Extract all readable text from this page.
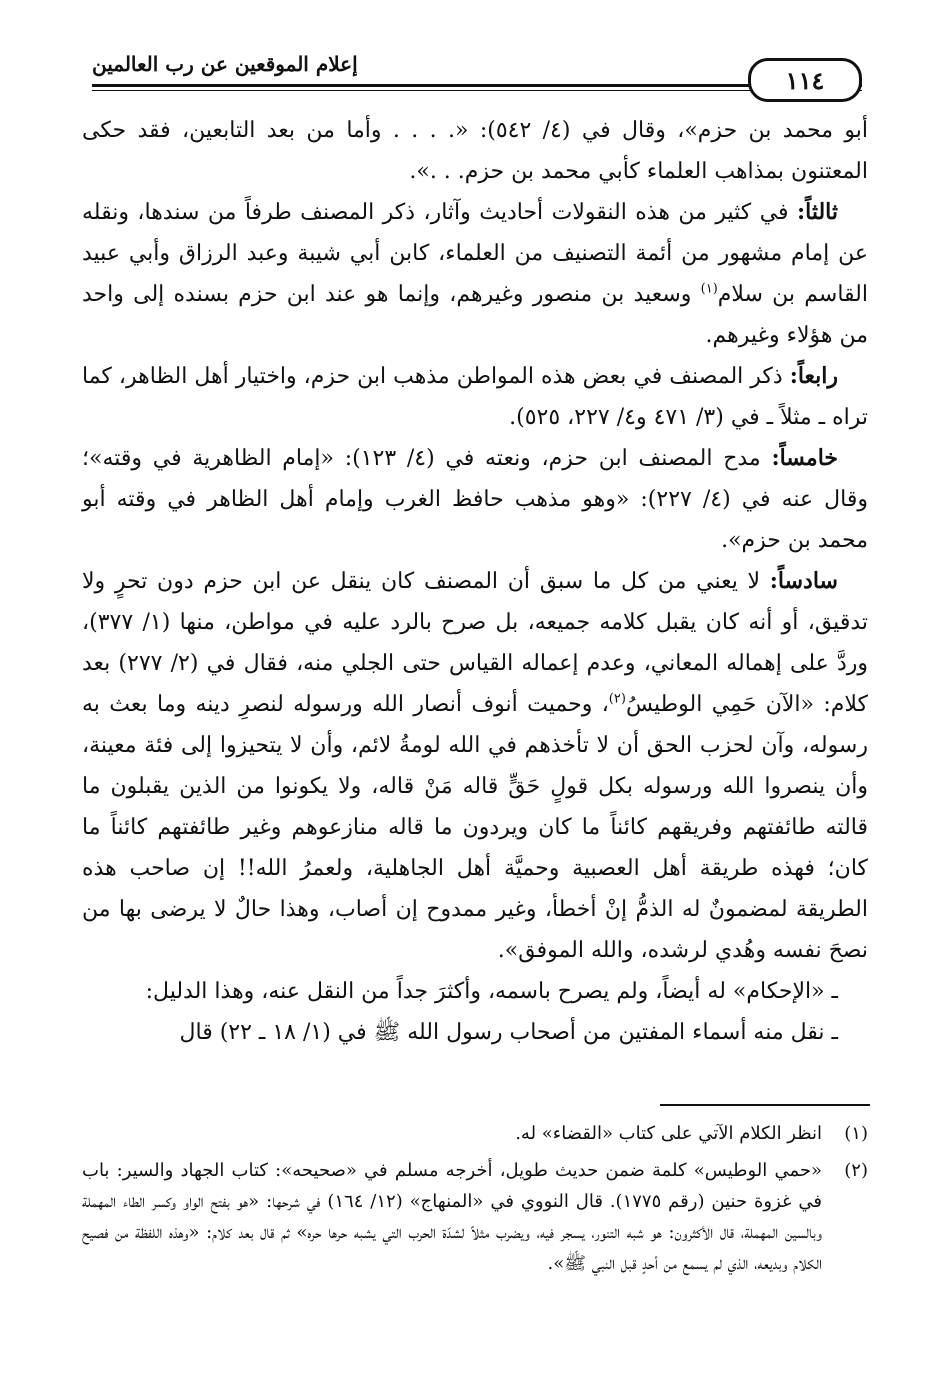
إعلام الموقعين عن رب العالمين
١١٤

أبو محمد بن حزم»، وقال في (٤/ ٥٤٢): «. . . . وأما من بعد التابعين، فقد حكى المعتنون بمذاهب العلماء كأبي محمد بن حزم. . .».

ثالثاً: في كثير من هذه النقولات أحاديث وآثار، ذكر المصنف طرفاً من سندها، ونقله عن إمام مشهور من أئمة التصنيف من العلماء، كابن أبي شيبة وعبد الرزاق وأبي عبيد القاسم بن سلام$^{(١)}$ وسعيد بن منصور وغيرهم، وإنما هو عند ابن حزم بسنده إلى واحد من هؤلاء وغيرهم.

رابعاً: ذكر المصنف في بعض هذه المواطن مذهب ابن حزم، واختيار أهل الظاهر، كما تراه ـ مثلاً ـ في (٣/ ٤٧١ و٤/ ٢٢٧، ٥٢٥).

خامساً: مدح المصنف ابن حزم، ونعته في (٤/ ١٢٣): «إمام الظاهرية في وقته»؛ وقال عنه في (٤/ ٢٢٧): «وهو مذهب حافظ الغرب وإمام أهل الظاهر في وقته أبو محمد بن حزم».

سادساً: لا يعني من كل ما سبق أن المصنف كان ينقل عن ابن حزم دون تحرٍ ولا تدقيق، أو أنه كان يقبل كلامه جميعه، بل صرح بالرد عليه في مواطن، منها (١/ ٣٧٧)، وردَّ على إهماله المعاني، وعدم إعماله القياس حتى الجلي منه، فقال في (٢/ ٢٧٧) بعد كلام: «الآن حَمِي الوطيسُ$^{(٢)}$، وحميت أنوف أنصار الله ورسوله لنصرِ دينه وما بعث به رسوله، وآن لحزب الحق أن لا تأخذهم في الله لومةُ لائم، وأن لا يتحيزوا إلى فئة معينة، وأن ينصروا الله ورسوله بكل قولٍ حَقٍّ قاله مَنْ قاله، ولا يكونوا من الذين يقبلون ما قالته طائفتهم وفريقهم كائناً ما كان ويردون ما قاله منازعوهم وغير طائفتهم كائناً ما كان؛ فهذه طريقة أهل العصبية وحميَّة أهل الجاهلية، ولعمرُ الله!! إن صاحب هذه الطريقة لمضمونٌ له الذمُّ إنْ أخطأ، وغير ممدوح إن أصاب، وهذا حالٌ لا يرضى بها من نصحَ نفسه وهُدي لرشده، والله الموفق».

ـ «الإحكام» له أيضاً، ولم يصرح باسمه، وأكثرَ جداً من النقل عنه، وهذا الدليل:

ـ نقل منه أسماء المفتين من أصحاب رسول الله ﷺ في (١/ ١٨ ـ ٢٢) قال

(١)
انظر الكلام الآتي على كتاب «القضاء» له.
(٢)
«حمي الوطيس» كلمة ضمن حديث طويل، أخرجه مسلم في «صحيحه»: كتاب الجهاد والسير: باب في غزوة حنين (رقم ١٧٧٥). قال النووي في «المنهاج» (١٢/ ١٦٤) في شرحها: «هو بفتح الواو وكسر الطاء المهملة وبالسين المهملة، قال الأكثرون: هو شبه التنور، يسجر فيه، ويضرب مثلاً لشدّة الحرب التي يشبه حرها حره» ثم قال بعد كلام: «وهذه اللفظة من فصيح الكلام وبديعه، الذي لم يسمع من أحدٍ قبل النبي ﷺ».
